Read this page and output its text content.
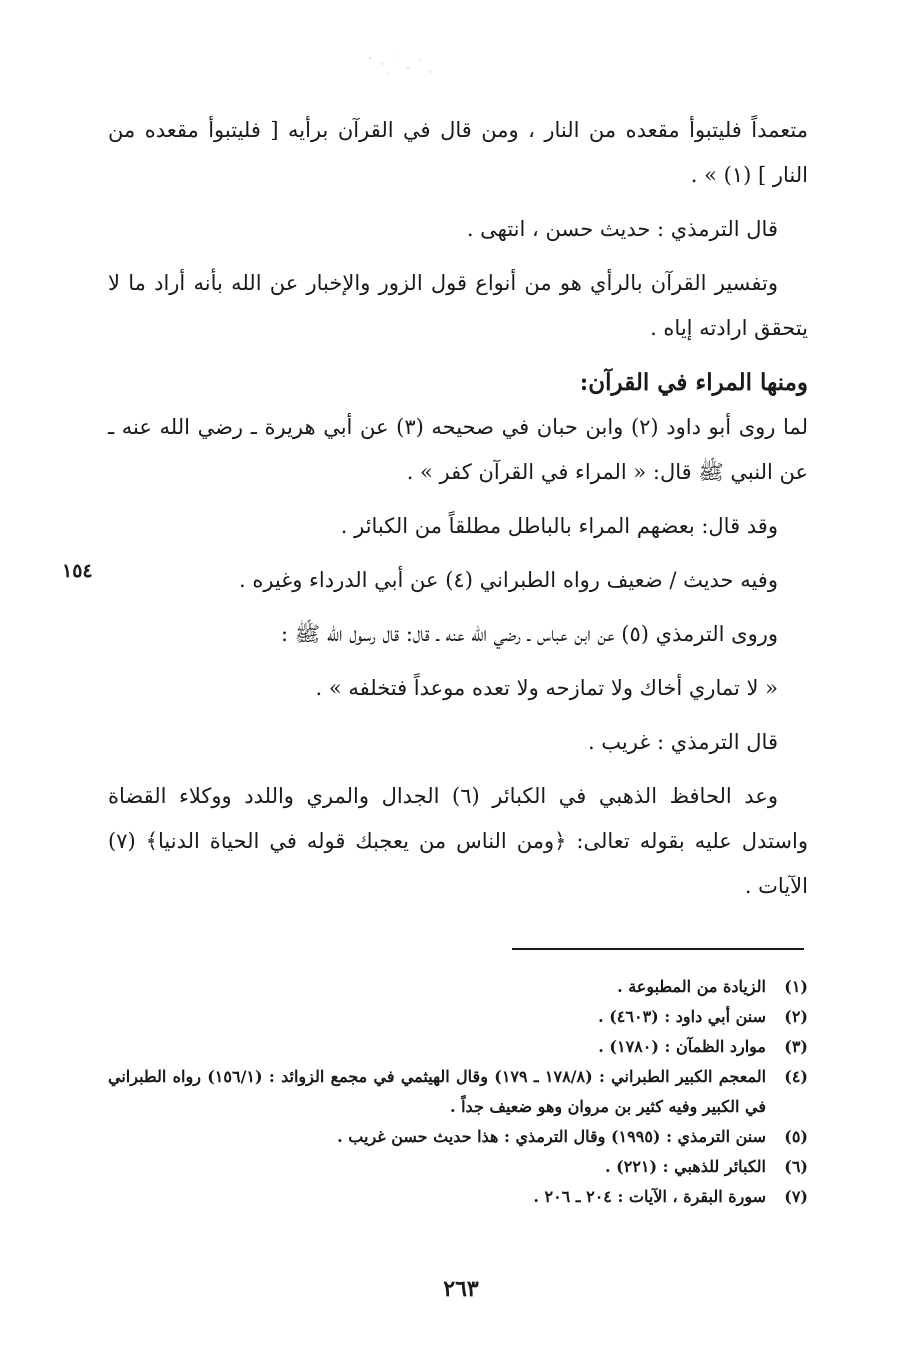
متعمداً فليتبوأ مقعده من النار ، ومن قال في القرآن برأيه [ فليتبوأ مقعده من النار ] (١) » .

قال الترمذي : حديث حسن ، انتهى .

وتفسير القرآن بالرأي هو من أنواع قول الزور والإخبار عن الله بأنه أراد ما لا يتحقق ارادته إياه .

ومنها المراء في القرآن:

لما روى أبو داود (٢) وابن حبان في صحيحه (٣) عن أبي هريرة ـ رضي الله عنه ـ عن النبي ﷺ قال: « المراء في القرآن كفر » .

وقد قال: بعضهم المراء بالباطل مطلقاً من الكبائر .

وفيه حديث / ضعيف رواه الطبراني (٤) عن أبي الدرداء وغيره .

وروى الترمذي (٥) عن ابن عباس ـ رضي الله عنه ـ قال: قال رسول الله ﷺ :

« لا تماري أخاك ولا تمازحه ولا تعده موعداً فتخلفه » .

قال الترمذي : غريب .

وعد الحافظ الذهبي في الكبائر (٦) الجدال والمري واللدد ووكلاء القضاة واستدل عليه بقوله تعالى: ﴿ومن الناس من يعجبك قوله في الحياة الدنيا﴾ (٧) الآيات .

١٥٤
(١)
الزيادة من المطبوعة .
(٢)
سنن أبي داود : (٤٦٠٣) .
(٣)
موارد الظمآن : (١٧٨٠) .
(٤)
المعجم الكبير الطبراني : (١٧٨/٨ ـ ١٧٩) وقال الهيثمي في مجمع الزوائد : (١٥٦/١) رواه الطبراني في الكبير وفيه كثير بن مروان وهو ضعيف جداً .
(٥)
سنن الترمذي : (١٩٩٥) وقال الترمذي : هذا حديث حسن غريب .
(٦)
الكبائر للذهبي : (٢٢١) .
(٧)
سورة البقرة ، الآيات : ٢٠٤ ـ ٢٠٦ .
٢٦٣
